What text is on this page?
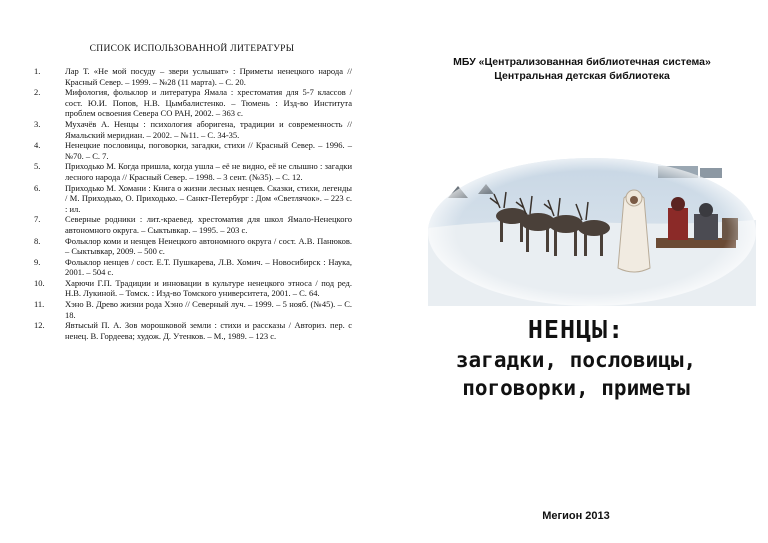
СПИСОК ИСПОЛЬЗОВАННОЙ ЛИТЕРАТУРЫ
1.	Лар Т. «Не мой посуду – звери услышат» : Приметы ненецкого народа // Красный Север. – 1999. – №28 (11 марта). – С. 20.
2.	Мифология, фольклор и литература Ямала : хрестоматия для 5-7 классов / сост. Ю.И. Попов, Н.В. Цымбалистенко. – Тюмень : Изд-во Института проблем освоения Севера СО РАН, 2002. – 363 с.
3.	Мухачёв А. Ненцы : психология аборигена, традиции и современность // Ямальский меридиан. – 2002. – №11. – С. 34-35.
4.	Ненецкие пословицы, поговорки, загадки, стихи // Красный Север. – 1996. – №70. – С. 7.
5.	Приходько М. Когда пришла, когда ушла – её не видно, её не слышно : загадки лесного народа // Красный Север. – 1998. – 3 сент. (№35). – С. 12.
6.	Приходько М. Хомани : Книга о жизни лесных ненцев. Сказки, стихи, легенды / М. Приходько, О. Приходько. – Санкт-Петербург : Дом «Светлячок». – 223 с. : ил.
7.	Северные родники : лит.-краевед. хрестоматия для школ Ямало-Ненецкого автономного округа. – Сыктывкар. – 1995. – 203 с.
8.	Фольклор коми и ненцев Ненецкого автономного округа / сост. А.В. Панюков. – Сыктывкар, 2009. – 500 с.
9.	Фольклор ненцев / сост. Е.Т. Пушкарева, Л.В. Хомич. – Новосибирск : Наука, 2001. – 504 с.
10.	Харючи Г.П. Традиции и инновации в культуре ненецкого этноса / под ред. Н.В. Лукиной. – Томск. : Изд-во Томского университета, 2001. – С. 64.
11.	Хэно В. Древо жизни рода Хэно // Северный луч. – 1999. – 5 нояб. (№45). – С. 18.
12.	Явтысый П. А. Зов морошковой земли : стихи и рассказы / Авториз. пер. с ненец. В. Гордеева; худож. Д. Утенков. – М., 1989. – 123 с.
МБУ «Централизованная библиотечная система»
Центральная детская библиотека
НЕНЦЫ:
загадки, пословицы,
поговорки, приметы
Мегион 2013
